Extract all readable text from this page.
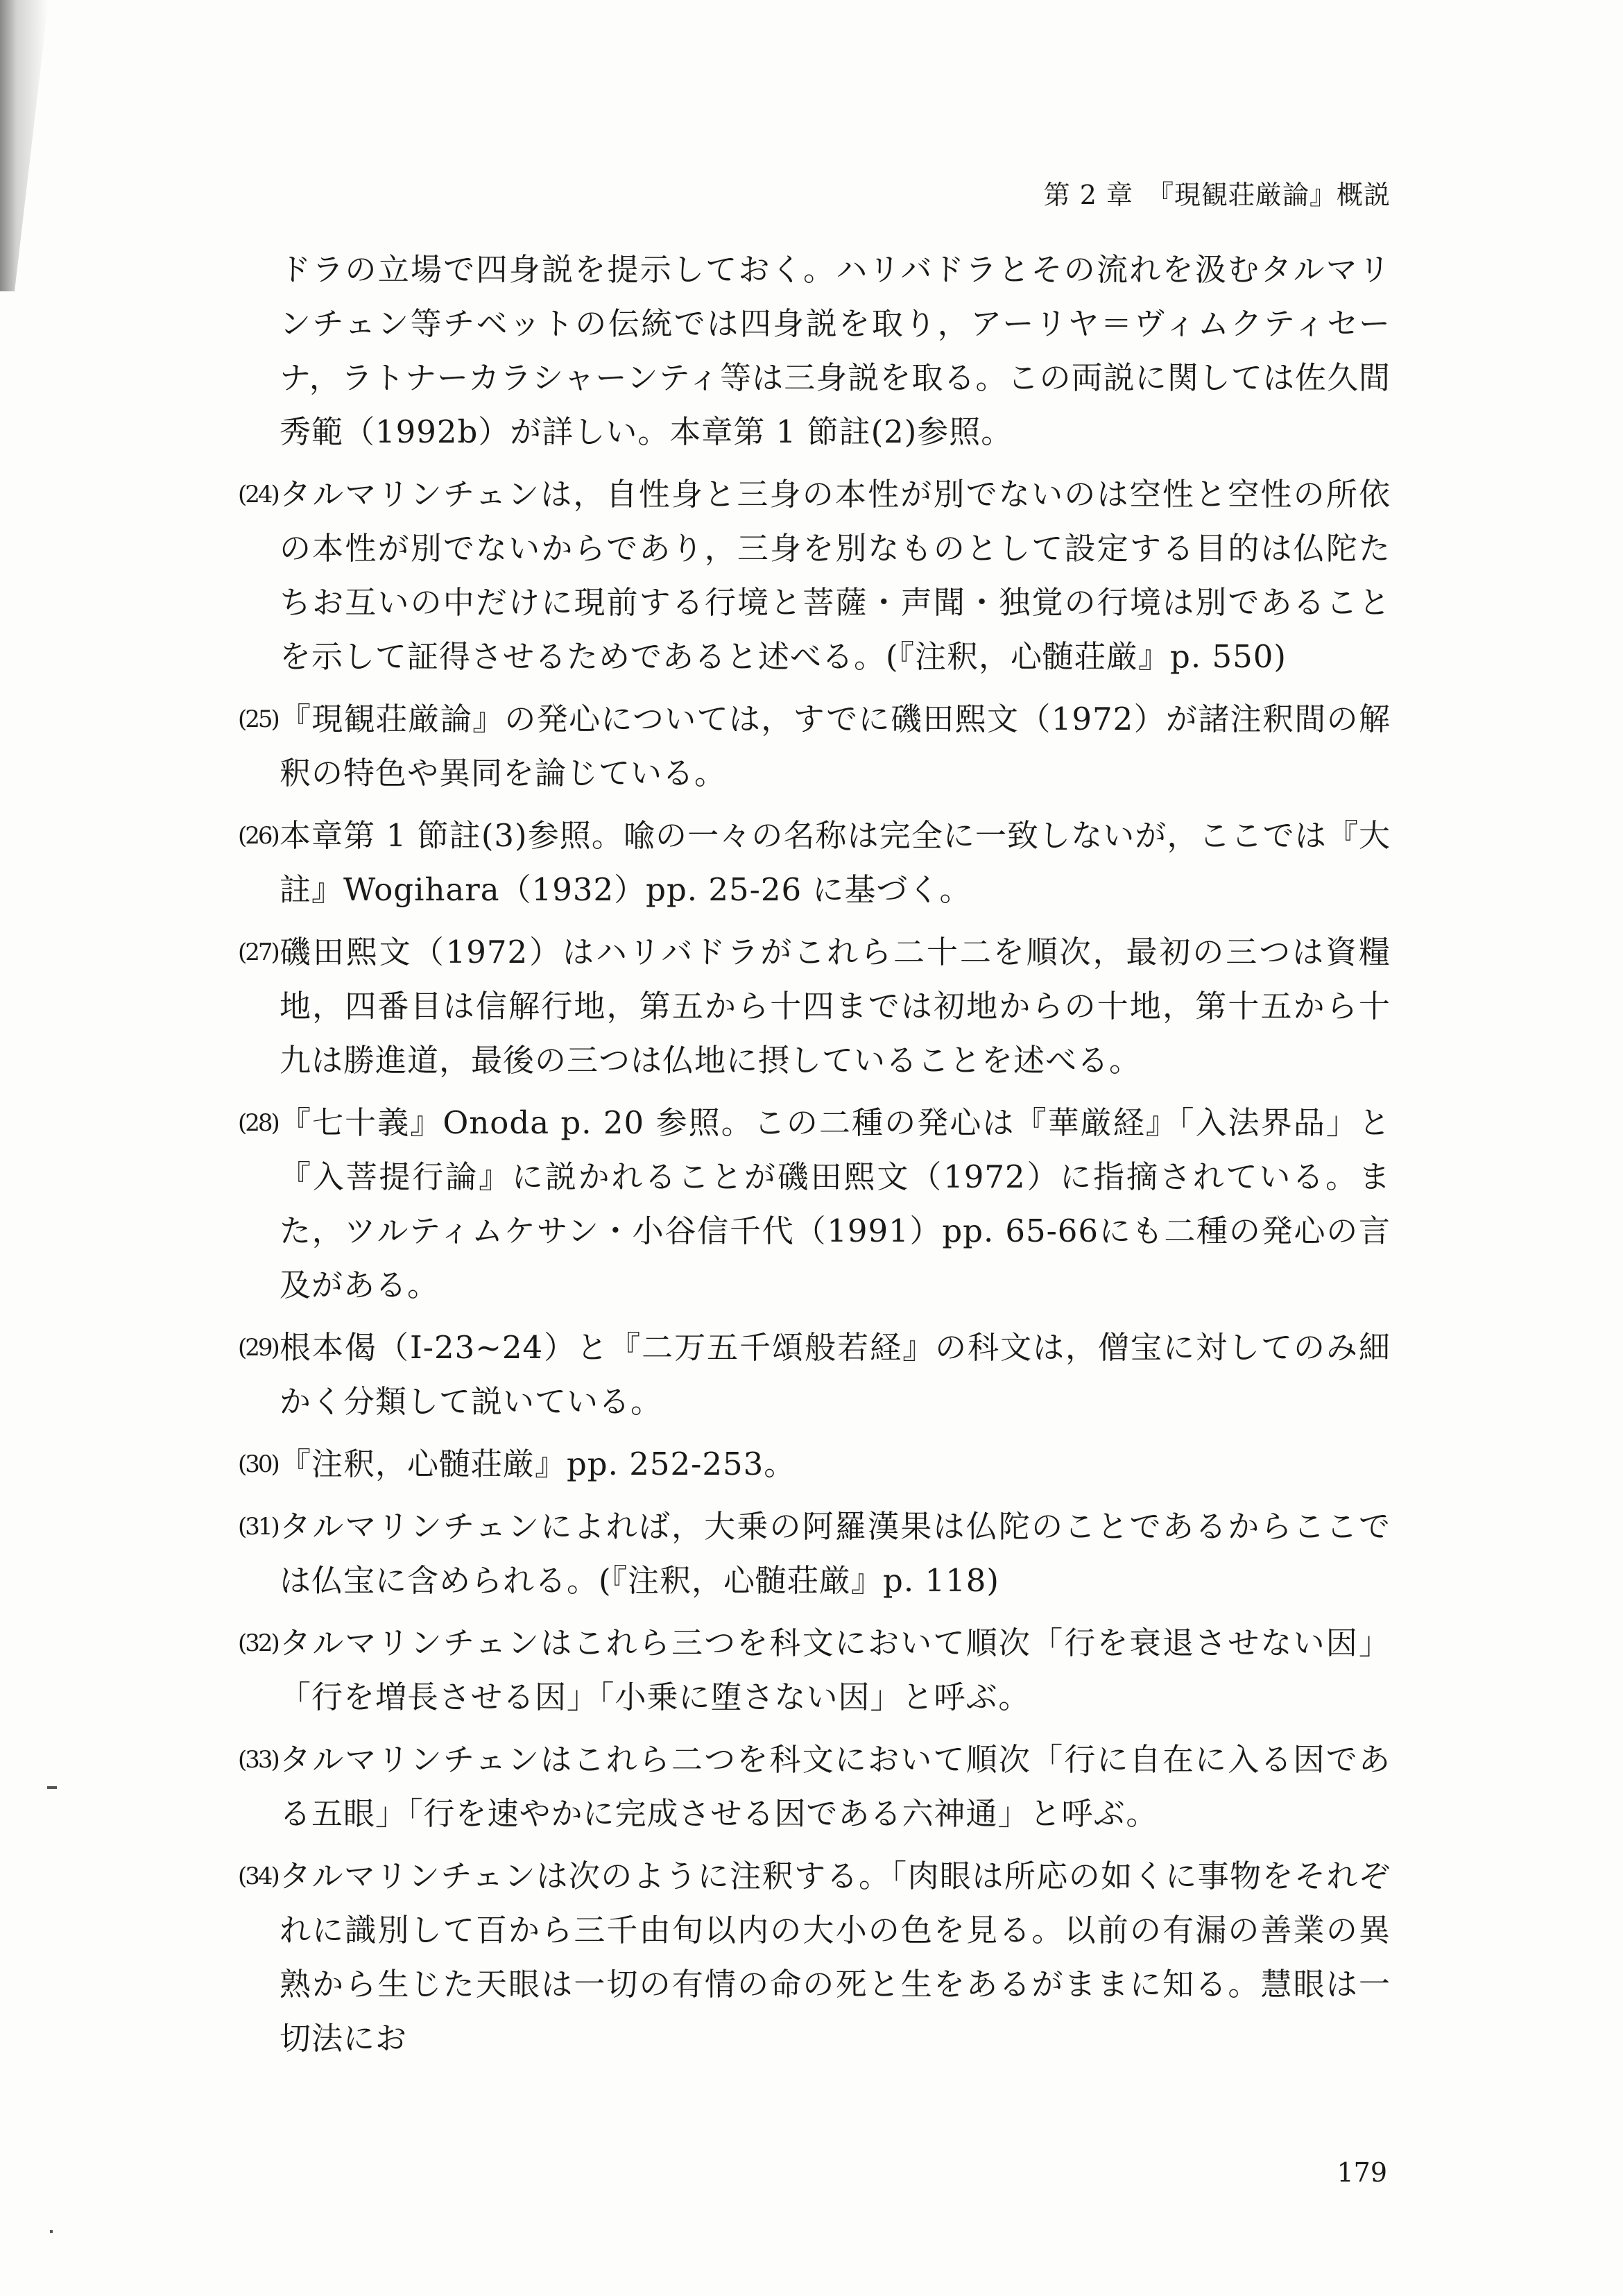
第 2 章　『現観荘厳論』概説
ドラの立場で四身説を提示しておく。ハリバドラとその流れを汲むタルマリンチェン等チベットの伝統では四身説を取り，アーリヤ＝ヴィムクティセーナ，ラトナーカラシャーンティ等は三身説を取る。この両説に関しては佐久間秀範（1992b）が詳しい。本章第 1 節註(2)参照。
(24) タルマリンチェンは，自性身と三身の本性が別でないのは空性と空性の所依の本性が別でないからであり，三身を別なものとして設定する目的は仏陀たちお互いの中だけに現前する行境と菩薩・声聞・独覚の行境は別であることを示して証得させるためであると述べる。(『注釈，心髄荘厳』p. 550)
(25) 『現観荘厳論』の発心については，すでに磯田熙文（1972）が諸注釈間の解釈の特色や異同を論じている。
(26) 本章第 1 節註(3)参照。喩の一々の名称は完全に一致しないが，ここでは『大註』Wogihara（1932）pp. 25-26 に基づく。
(27) 磯田熙文（1972）はハリバドラがこれら二十二を順次，最初の三つは資糧地，四番目は信解行地，第五から十四までは初地からの十地，第十五から十九は勝進道，最後の三つは仏地に摂していることを述べる。
(28) 『七十義』Onoda p. 20 参照。この二種の発心は『華厳経』「入法界品」と『入菩提行論』に説かれることが磯田熙文（1972）に指摘されている。また，ツルティムケサン・小谷信千代（1991）pp. 65-66にも二種の発心の言及がある。
(29) 根本偈（I-23~24）と『二万五千頌般若経』の科文は，僧宝に対してのみ細かく分類して説いている。
(30) 『注釈，心髄荘厳』pp. 252-253。
(31) タルマリンチェンによれば，大乗の阿羅漢果は仏陀のことであるからここでは仏宝に含められる。(『注釈，心髄荘厳』p. 118)
(32) タルマリンチェンはこれら三つを科文において順次「行を衰退させない因」「行を増長させる因」「小乗に堕さない因」と呼ぶ。
(33) タルマリンチェンはこれら二つを科文において順次「行に自在に入る因である五眼」「行を速やかに完成させる因である六神通」と呼ぶ。
(34) タルマリンチェンは次のように注釈する。「肉眼は所応の如くに事物をそれぞれに識別して百から三千由旬以内の大小の色を見る。以前の有漏の善業の異熟から生じた天眼は一切の有情の命の死と生をあるがままに知る。慧眼は一切法にお
179
